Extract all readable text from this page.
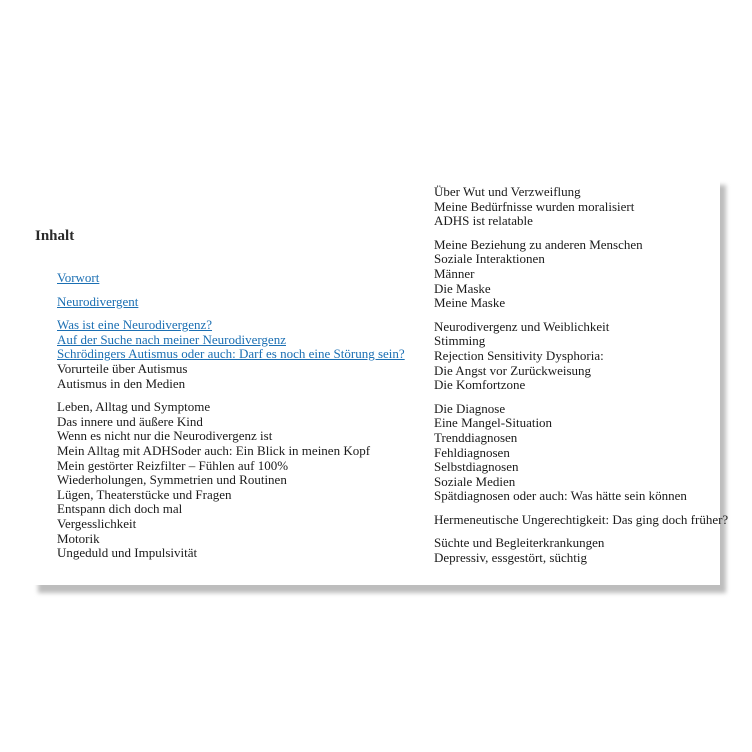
Inhalt
Vorwort
Neurodivergent
Was ist eine Neurodivergenz?
Auf der Suche nach meiner Neurodivergenz
Schrödingers Autismus oder auch: Darf es noch eine Störung sein?
Vorurteile über Autismus
Autismus in den Medien
Leben, Alltag und Symptome
Das innere und äußere Kind
Wenn es nicht nur die Neurodivergenz ist
Mein Alltag mit ADHSoder auch: Ein Blick in meinen Kopf
Mein gestörter Reizfilter – Fühlen auf 100%
Wiederholungen, Symmetrien und Routinen
Lügen, Theaterstücke und Fragen
Entspann dich doch mal
Vergesslichkeit
Motorik
Ungeduld und Impulsivität
Über Wut und Verzweiflung
Meine Bedürfnisse wurden moralisiert
ADHS ist relatable
Meine Beziehung zu anderen Menschen
Soziale Interaktionen
Männer
Die Maske
Meine Maske
Neurodivergenz und Weiblichkeit
Stimming
Rejection Sensitivity Dysphoria:
Die Angst vor Zurückweisung
Die Komfortzone
Die Diagnose
Eine Mangel-Situation
Trenddiagnosen
Fehldiagnosen
Selbstdiagnosen
Soziale Medien
Spätdiagnosen oder auch: Was hätte sein können
Hermeneutische Ungerechtigkeit: Das ging doch früher?
Süchte und Begleiterkrankungen
Depressiv, essgestört, süchtig
